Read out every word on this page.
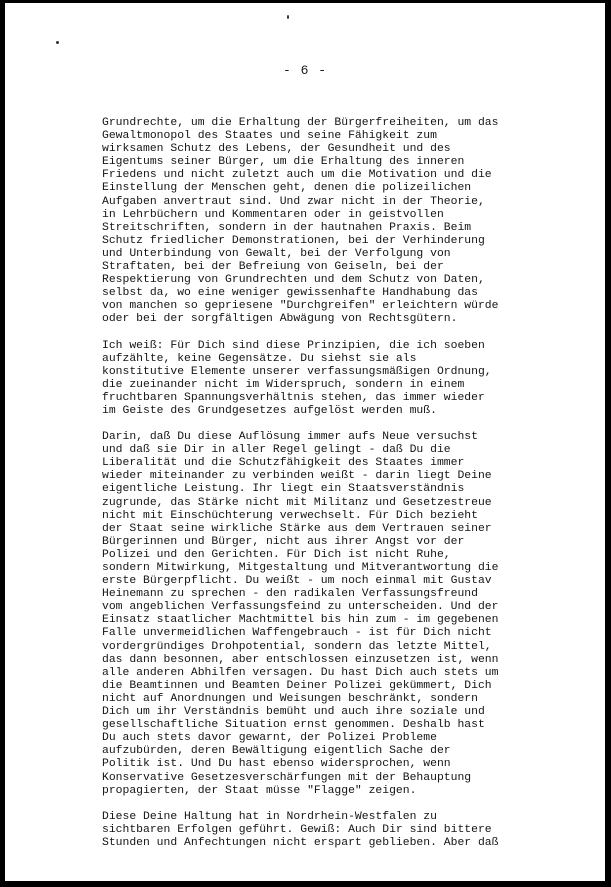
- 6 -
Grundrechte, um die Erhaltung der Bürgerfreiheiten, um das
Gewaltmonopol des Staates und seine Fähigkeit zum
wirksamen Schutz des Lebens, der Gesundheit und des
Eigentums seiner Bürger, um die Erhaltung des inneren
Friedens und nicht zuletzt auch um die Motivation und die
Einstellung der Menschen geht, denen die polizeilichen
Aufgaben anvertraut sind. Und zwar nicht in der Theorie,
in Lehrbüchern und Kommentaren oder in geistvollen
Streitschriften, sondern in der hautnahen Praxis. Beim
Schutz friedlicher Demonstrationen, bei der Verhinderung
und Unterbindung von Gewalt, bei der Verfolgung von
Straftaten, bei der Befreiung von Geiseln, bei der
Respektierung von Grundrechten und dem Schutz von Daten,
selbst da, wo eine weniger gewissenhafte Handhabung das
von manchen so gepriesene "Durchgreifen" erleichtern würde
oder bei der sorgfältigen Abwägung von Rechtsgütern.
Ich weiß: Für Dich sind diese Prinzipien, die ich soeben
aufzählte, keine Gegensätze. Du siehst sie als
konstitutive Elemente unserer verfassungsmäßigen Ordnung,
die zueinander nicht im Widerspruch, sondern in einem
fruchtbaren Spannungsverhältnis stehen, das immer wieder
im Geiste des Grundgesetzes aufgelöst werden muß.
Darin, daß Du diese Auflösung immer aufs Neue versuchst
und daß sie Dir in aller Regel gelingt - daß Du die
Liberalität und die Schutzfähigkeit des Staates immer
wieder miteinander zu verbinden weißt - darin liegt Deine
eigentliche Leistung. Ihr liegt ein Staatsverständnis
zugrunde, das Stärke nicht mit Militanz und Gesetzestreue
nicht mit Einschüchterung verwechselt. Für Dich bezieht
der Staat seine wirkliche Stärke aus dem Vertrauen seiner
Bürgerinnen und Bürger, nicht aus ihrer Angst vor der
Polizei und den Gerichten. Für Dich ist nicht Ruhe,
sondern Mitwirkung, Mitgestaltung und Mitverantwortung die
erste Bürgerpflicht. Du weißt - um noch einmal mit Gustav
Heinemann zu sprechen - den radikalen Verfassungsfreund
vom angeblichen Verfassungsfeind zu unterscheiden. Und der
Einsatz staatlicher Machtmittel bis hin zum - im gegebenen
Falle unvermeidlichen Waffengebrauch - ist für Dich nicht
vordergründiges Drohpotential, sondern das letzte Mittel,
das dann besonnen, aber entschlossen einzusetzen ist, wenn
alle anderen Abhilfen versagen. Du hast Dich auch stets um
die Beamtinnen und Beamten Deiner Polizei gekümmert, Dich
nicht auf Anordnungen und Weisungen beschränkt, sondern
Dich um ihr Verständnis bemüht und auch ihre soziale und
gesellschaftliche Situation ernst genommen. Deshalb hast
Du auch stets davor gewarnt, der Polizei Probleme
aufzubürden, deren Bewältigung eigentlich Sache der
Politik ist. Und Du hast ebenso widersprochen, wenn
Konservative Gesetzesverschärfungen mit der Behauptung
propagierten, der Staat müsse "Flagge" zeigen.
Diese Deine Haltung hat in Nordrhein-Westfalen zu
sichtbaren Erfolgen geführt. Gewiß: Auch Dir sind bittere
Stunden und Anfechtungen nicht erspart geblieben. Aber daß
